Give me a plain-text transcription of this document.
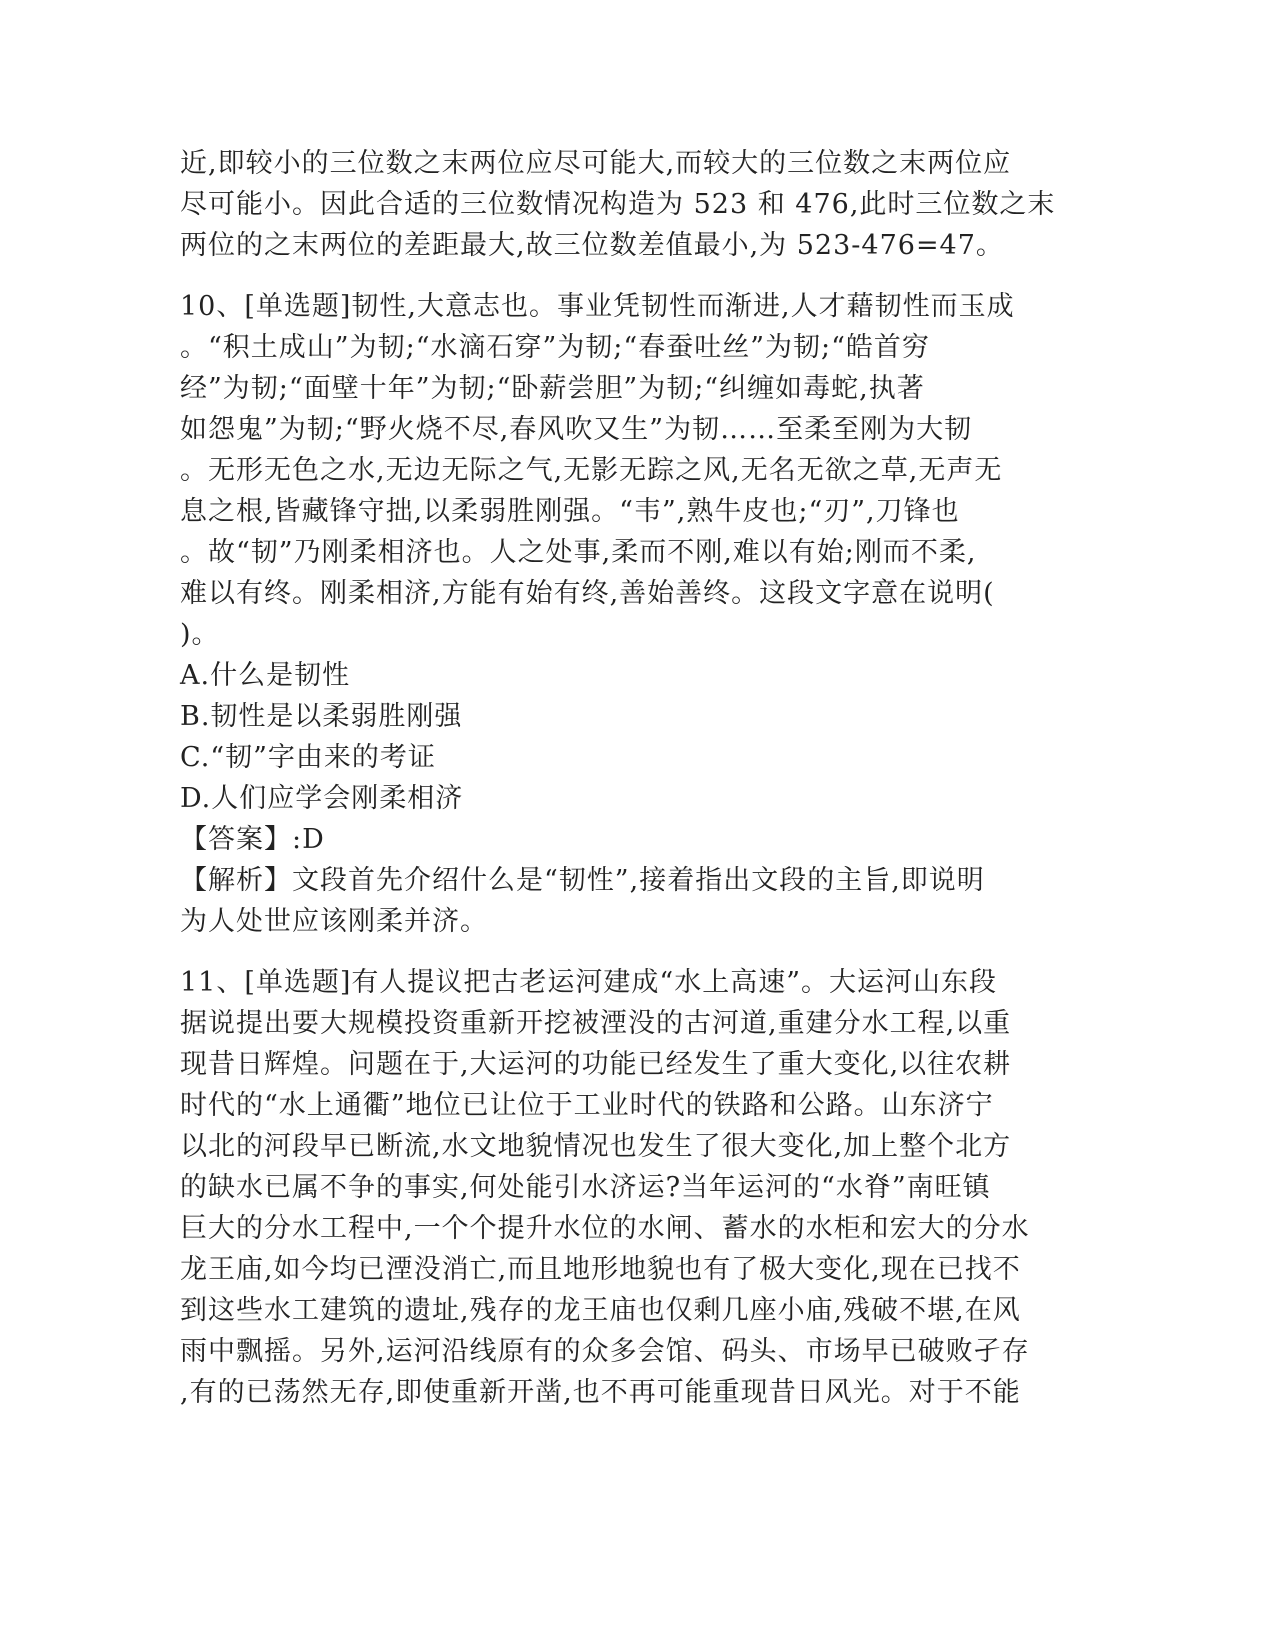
近,即较小的三位数之末两位应尽可能大,而较大的三位数之末两位应
尽可能小。因此合适的三位数情况构造为 523 和 476,此时三位数之末
两位的之末两位的差距最大,故三位数差值最小,为 523-476=47。
10、[单选题]韧性,大意志也。事业凭韧性而渐进,人才藉韧性而玉成
。“积土成山”为韧;“水滴石穿”为韧;“春蚕吐丝”为韧;“皓首穷
经”为韧;“面壁十年”为韧;“卧薪尝胆”为韧;“纠缠如毒蛇,执著
如怨鬼”为韧;“野火烧不尽,春风吹又生”为韧……至柔至刚为大韧
。无形无色之水,无边无际之气,无影无踪之风,无名无欲之草,无声无
息之根,皆藏锋守拙,以柔弱胜刚强。“韦”,熟牛皮也;“刃”,刀锋也
。故“韧”乃刚柔相济也。人之处事,柔而不刚,难以有始;刚而不柔,
难以有终。刚柔相济,方能有始有终,善始善终。这段文字意在说明(
)。
A.什么是韧性
B.韧性是以柔弱胜刚强
C.“韧”字由来的考证
D.人们应学会刚柔相济
【答案】:D
【解析】文段首先介绍什么是“韧性”,接着指出文段的主旨,即说明
为人处世应该刚柔并济。
11、[单选题]有人提议把古老运河建成“水上高速”。大运河山东段
据说提出要大规模投资重新开挖被湮没的古河道,重建分水工程,以重
现昔日辉煌。问题在于,大运河的功能已经发生了重大变化,以往农耕
时代的“水上通衢”地位已让位于工业时代的铁路和公路。山东济宁
以北的河段早已断流,水文地貌情况也发生了很大变化,加上整个北方
的缺水已属不争的事实,何处能引水济运?当年运河的“水脊”南旺镇
巨大的分水工程中,一个个提升水位的水闸、蓄水的水柜和宏大的分水
龙王庙,如今均已湮没消亡,而且地形地貌也有了极大变化,现在已找不
到这些水工建筑的遗址,残存的龙王庙也仅剩几座小庙,残破不堪,在风
雨中飘摇。另外,运河沿线原有的众多会馆、码头、市场早已破败孑存
,有的已荡然无存,即使重新开凿,也不再可能重现昔日风光。对于不能
